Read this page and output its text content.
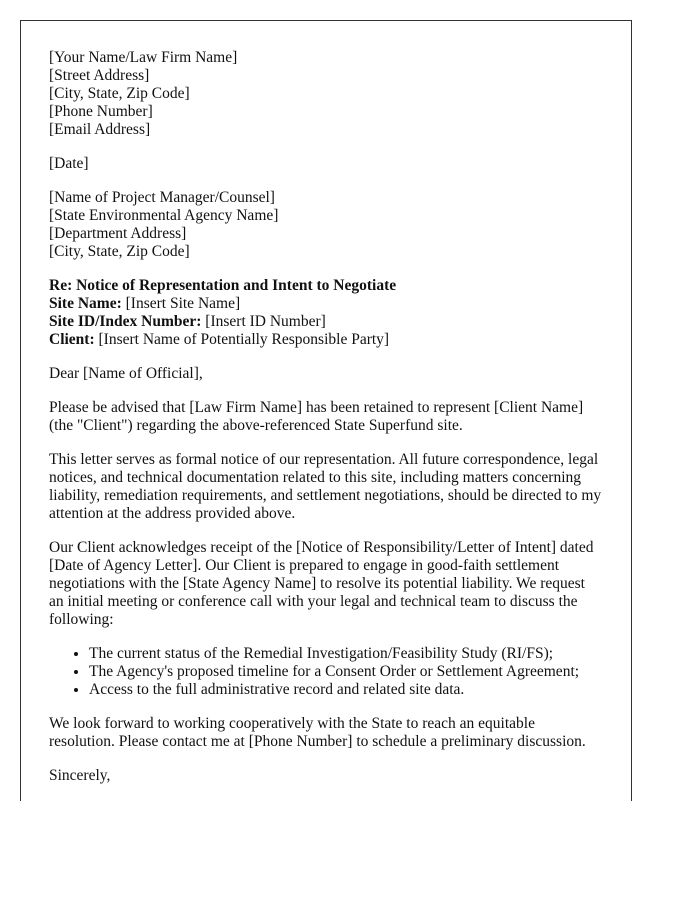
[Your Name/Law Firm Name]
[Street Address]
[City, State, Zip Code]
[Phone Number]
[Email Address]

[Date]

[Name of Project Manager/Counsel]
[State Environmental Agency Name]
[Department Address]
[City, State, Zip Code]
Re: Notice of Representation and Intent to Negotiate
Site Name: [Insert Site Name]
Site ID/Index Number: [Insert ID Number]
Client: [Insert Name of Potentially Responsible Party]

Dear [Name of Official],

Please be advised that [Law Firm Name] has been retained to represent [Client Name] (the "Client") regarding the above-referenced State Superfund site.

This letter serves as formal notice of our representation. All future correspondence, legal notices, and technical documentation related to this site, including matters concerning liability, remediation requirements, and settlement negotiations, should be directed to my attention at the address provided above.

Our Client acknowledges receipt of the [Notice of Responsibility/Letter of Intent] dated [Date of Agency Letter]. Our Client is prepared to engage in good-faith settlement negotiations with the [State Agency Name] to resolve its potential liability. We request an initial meeting or conference call with your legal and technical team to discuss the following:

• The current status of the Remedial Investigation/Feasibility Study (RI/FS);
• The Agency's proposed timeline for a Consent Order or Settlement Agreement;
• Access to the full administrative record and related site data.

We look forward to working cooperatively with the State to reach an equitable resolution. Please contact me at [Phone Number] to schedule a preliminary discussion.

Sincerely,
